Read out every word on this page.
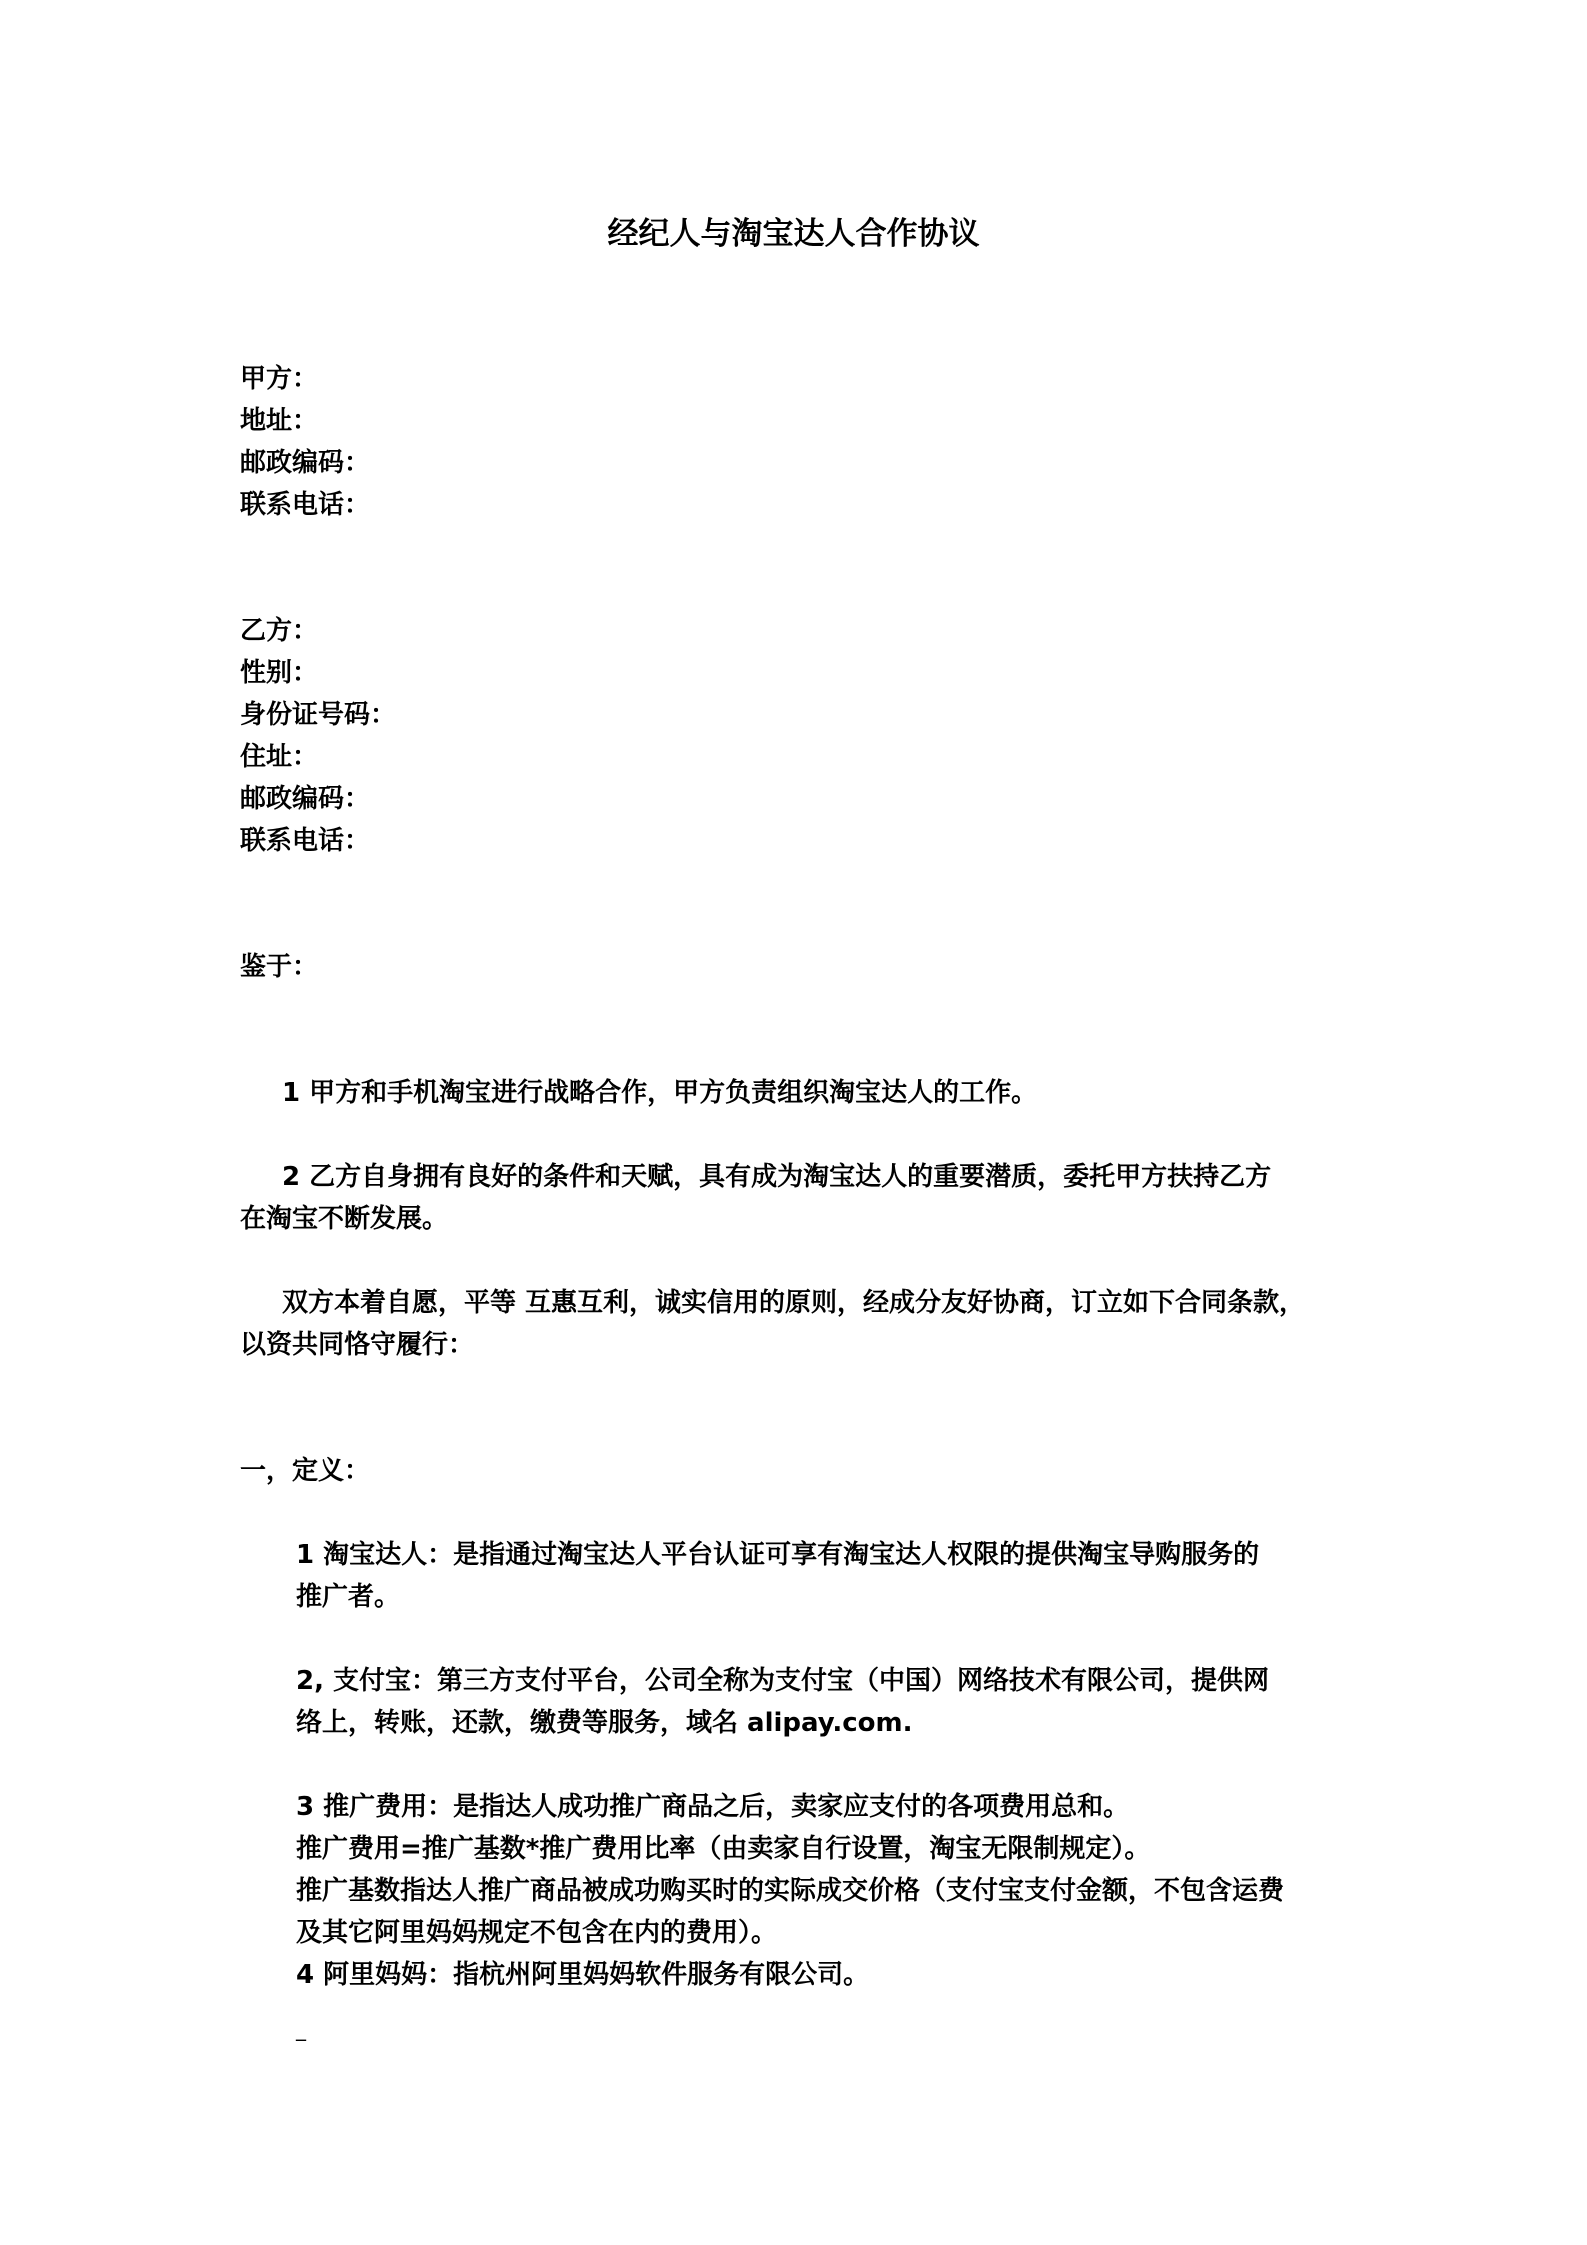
经纪人与淘宝达人合作协议
甲方：
地址：
邮政编码：
联系电话：
乙方：
性别：
身份证号码：
住址：
邮政编码：
联系电话：
鉴于：
1 甲方和手机淘宝进行战略合作，甲方负责组织淘宝达人的工作。
2 乙方自身拥有良好的条件和天赋，具有成为淘宝达人的重要潜质，委托甲方扶持乙方
在淘宝不断发展。
双方本着自愿，平等 互惠互利，诚实信用的原则，经成分友好协商，订立如下合同条款，
以资共同恪守履行：
一，定义：
1 淘宝达人：是指通过淘宝达人平台认证可享有淘宝达人权限的提供淘宝导购服务的
推广者。
2, 支付宝：第三方支付平台，公司全称为支付宝（中国）网络技术有限公司，提供网
络上，转账，还款，缴费等服务，域名 alipay.com.
3 推广费用：是指达人成功推广商品之后，卖家应支付的各项费用总和。
推广费用=推广基数*推广费用比率（由卖家自行设置，淘宝无限制规定）。
推广基数指达人推广商品被成功购买时的实际成交价格（支付宝支付金额，不包含运费
及其它阿里妈妈规定不包含在内的费用）。
4 阿里妈妈：指杭州阿里妈妈软件服务有限公司。
_
